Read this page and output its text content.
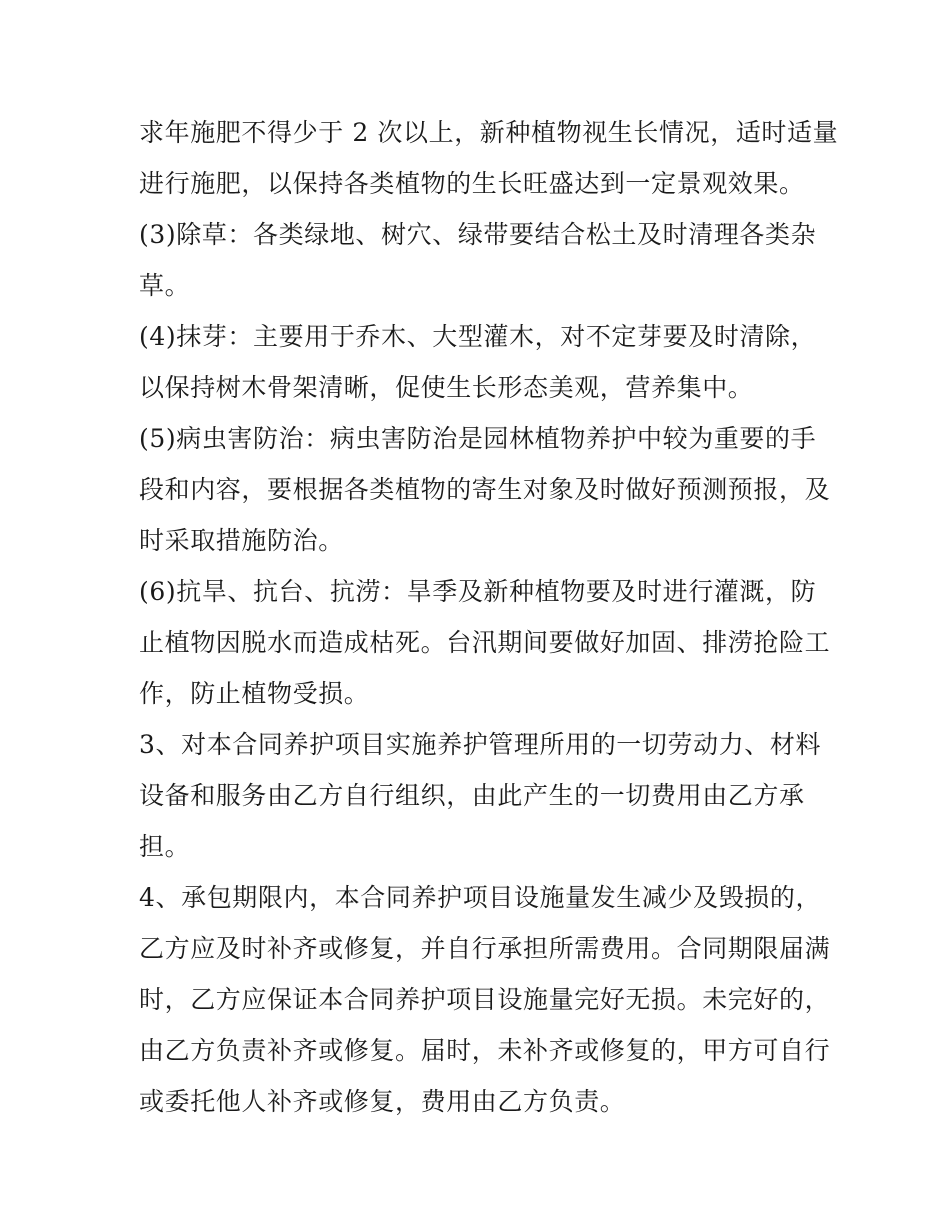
求年施肥不得少于 2 次以上，新种植物视生长情况，适时适量
进行施肥，以保持各类植物的生长旺盛达到一定景观效果。
(3)除草：各类绿地、树穴、绿带要结合松土及时清理各类杂
草。
(4)抹芽：主要用于乔木、大型灌木，对不定芽要及时清除，
以保持树木骨架清晰，促使生长形态美观，营养集中。
(5)病虫害防治：病虫害防治是园林植物养护中较为重要的手
段和内容，要根据各类植物的寄生对象及时做好预测预报，及
时采取措施防治。
(6)抗旱、抗台、抗涝：旱季及新种植物要及时进行灌溉，防
止植物因脱水而造成枯死。台汛期间要做好加固、排涝抢险工
作，防止植物受损。
3、对本合同养护项目实施养护管理所用的一切劳动力、材料
设备和服务由乙方自行组织，由此产生的一切费用由乙方承
担。
4、承包期限内，本合同养护项目设施量发生减少及毁损的，
乙方应及时补齐或修复，并自行承担所需费用。合同期限届满
时，乙方应保证本合同养护项目设施量完好无损。未完好的，
由乙方负责补齐或修复。届时，未补齐或修复的，甲方可自行
或委托他人补齐或修复，费用由乙方负责。
